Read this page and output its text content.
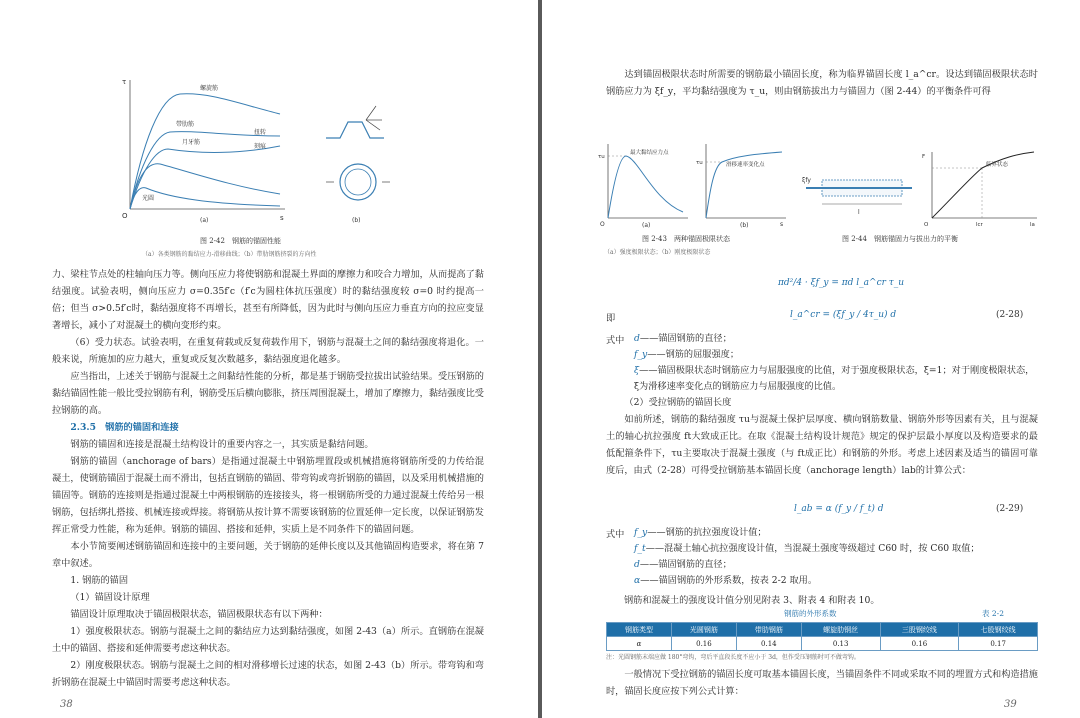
螺旋筋
带肋筋
月牙筋
扭转
刻痕
光圆
τ
s
O
(a)	(b)
图 2-42　钢筋的锚固性能
（a）各类钢筋的黏结应力-滑移曲线；（b）带肋钢筋挤裂的方向性

力、梁柱节点处的柱轴向压力等。侧向压应力将使钢筋和混凝土界面的摩擦力和咬合力增加，从而提高了黏结强度。试验表明，侧向压应力 σ=0.35f′c（f′c为圆柱体抗压强度）时的黏结强度较 σ=0 时约提高一倍；但当 σ>0.5f′c时，黏结强度将不再增长，甚至有所降低，因为此时与侧向压应力垂直方向的拉应变显著增长，减小了对混凝土的横向变形约束。

（6）受力状态。试验表明，在重复荷载或反复荷载作用下，钢筋与混凝土之间的黏结强度将退化。一般来说，所施加的应力越大，重复或反复次数越多，黏结强度退化越多。

应当指出，上述关于钢筋与混凝土之间黏结性能的分析，都是基于钢筋受拉拔出试验结果。受压钢筋的黏结锚固性能一般比受拉钢筋有利，钢筋受压后横向膨胀，挤压周围混凝土，增加了摩擦力，黏结强度比受拉钢筋的高。

2.3.5　钢筋的锚固和连接

钢筋的锚固和连接是混凝土结构设计的重要内容之一，其实质是黏结问题。

钢筋的锚固（anchorage of bars）是指通过混凝土中钢筋埋置段或机械措施将钢筋所受的力传给混凝土，使钢筋锚固于混凝土而不滑出，包括直钢筋的锚固、带弯钩或弯折钢筋的锚固，以及采用机械措施的锚固等。钢筋的连接则是指通过混凝土中两根钢筋的连接接头，将一根钢筋所受的力通过混凝土传给另一根钢筋，包括绑扎搭接、机械连接或焊接。将钢筋从按计算不需要该钢筋的位置延伸一定长度，以保证钢筋发挥正常受力性能，称为延伸。钢筋的锚固、搭接和延伸，实质上是不同条件下的锚固问题。

本小节简要阐述钢筋锚固和连接中的主要问题，关于钢筋的延伸长度以及其他锚固构造要求，将在第 7 章中叙述。

1. 钢筋的锚固

（1）锚固设计原理

锚固设计原理取决于锚固极限状态，锚固极限状态有以下两种：

1）强度极限状态。钢筋与混凝土之间的黏结应力达到黏结强度，如图 2-43（a）所示。直钢筋在混凝土中的锚固、搭接和延伸需要考虑这种状态。

2）刚度极限状态。钢筋与混凝土之间的相对滑移增长过速的状态，如图 2-43（b）所示。带弯钩和弯折钢筋在混凝土中锚固时需要考虑这种状态。

38

达到锚固极限状态时所需要的钢筋最小锚固长度，称为临界锚固长度 l_a^cr。设达到锚固极限状态时钢筋应力为 ξf_y，平均黏结强度为 τ_u，则由钢筋拔出力与锚固力（图 2-44）的平衡条件可得

最大黏结应力点
τu
O	(a)
滑移速率变化点
τu
s
(b)
l
ξfy
临界状态
lcr	la
F
O
图 2-43　两种锚固极限状态
（a）强度极限状态；（b）刚度极限状态
图 2-44　钢筋锚固力与拔出力的平衡
πd²/4 · ξf_y = πd l_a^cr τ_u
即	l_a^cr = (ξf_y / 4τ_u) d	(2-28)
式中 d——锚固钢筋的直径；
f_y——钢筋的屈服强度；
ξ——锚固极限状态时钢筋应力与屈服强度的比值，对于强度极限状态，ξ=1；对于刚度极限状态，ξ为滑移速率变化点的钢筋应力与屈服强度的比值。

（2）受拉钢筋的锚固长度

如前所述，钢筋的黏结强度 τu与混凝土保护层厚度、横向钢筋数量、钢筋外形等因素有关，且与混凝土的轴心抗拉强度 ft大致成正比。在取《混凝土结构设计规范》规定的保护层最小厚度以及构造要求的最低配箍条件下，τu主要取决于混凝土强度（与 ft成正比）和钢筋的外形。考虑上述因素及适当的锚固可靠度后，由式（2-28）可得受拉钢筋基本锚固长度（anchorage length）lab的计算公式：

l_ab = α (f_y / f_t) d	(2-29)
式中 f_y——钢筋的抗拉强度设计值；
f_t——混凝土轴心抗拉强度设计值，当混凝土强度等级超过 C60 时，按 C60 取值；
d——锚固钢筋的直径；
α——锚固钢筋的外形系数，按表 2-2 取用。
钢筋和混凝土的强度设计值分别见附表 3、附表 4 和附表 10。
钢筋的外形系数	表 2-2
钢筋类型	光圆钢筋	带肋钢筋	螺旋肋钢丝	三股钢绞线	七股钢绞线
α	0.16	0.14	0.13	0.16	0.17
注：光圆钢筋末端应做 180°弯钩，弯后平直段长度不应小于 3d，但作受压钢筋时可不做弯钩。

一般情况下受拉钢筋的锚固长度可取基本锚固长度，当锚固条件不同或采取不同的埋置方式和构造措施时，锚固长度应按下列公式计算：

39
